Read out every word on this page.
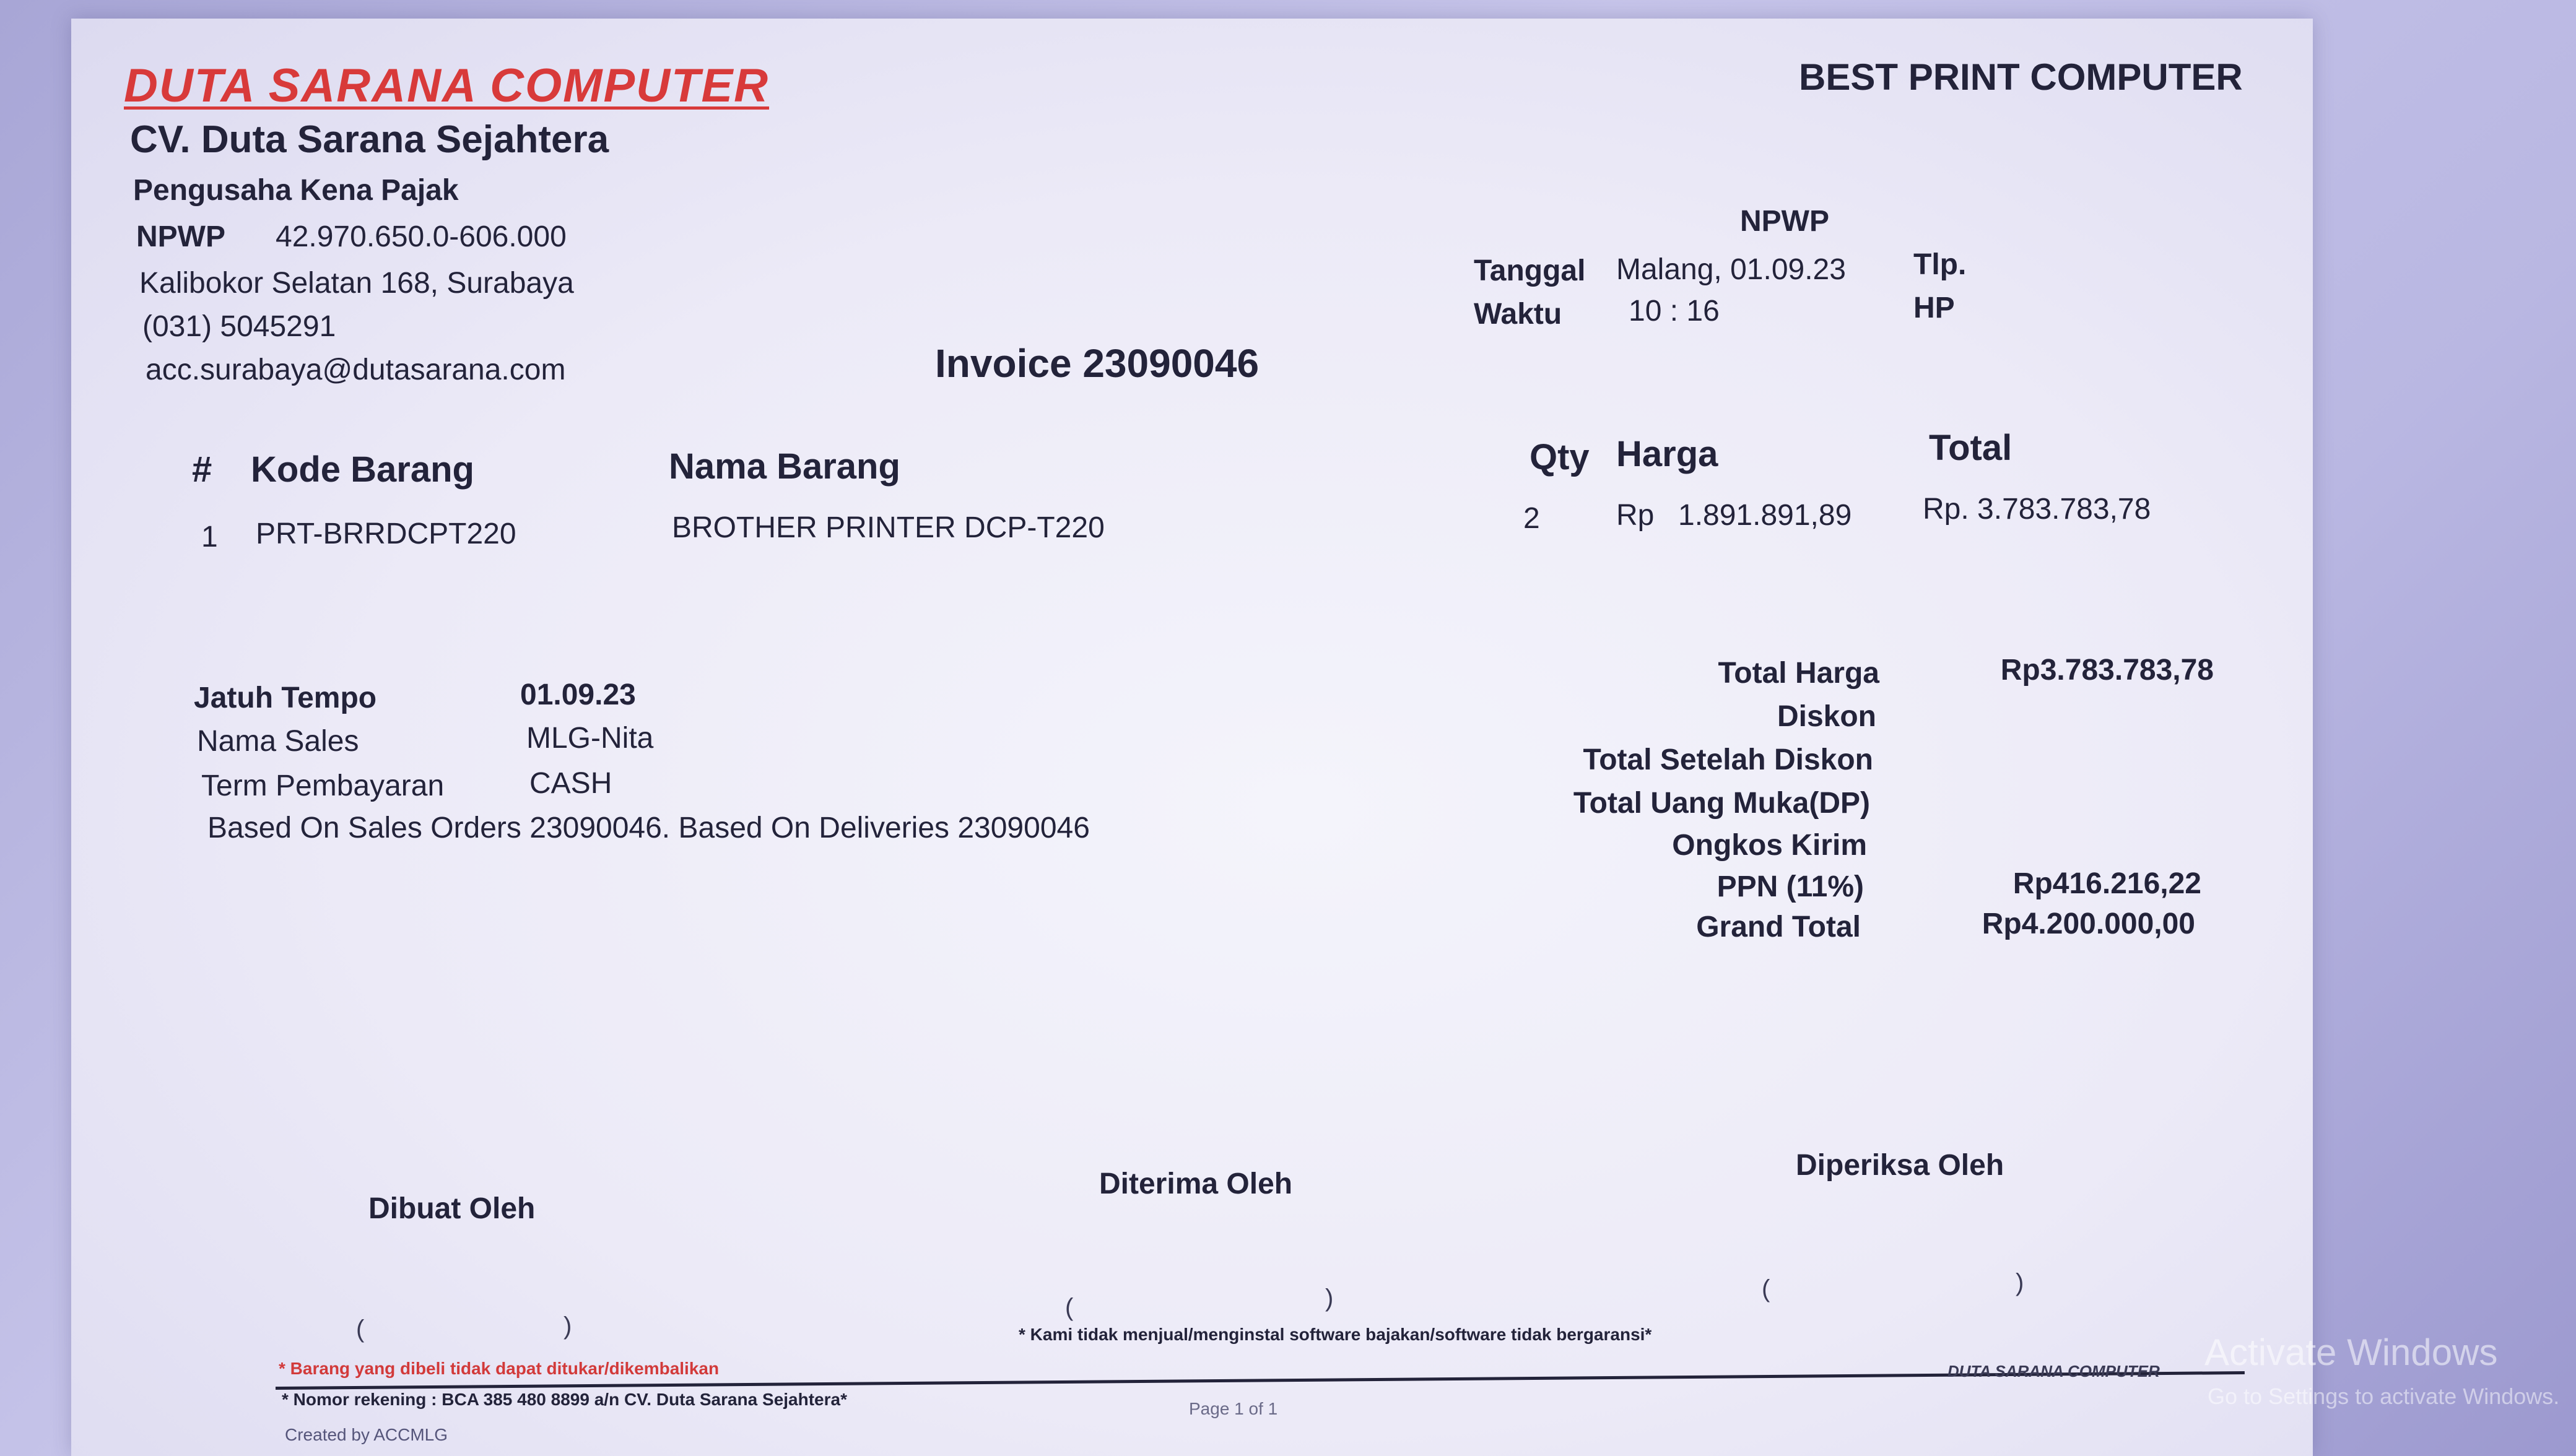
DUTA SARANA COMPUTER
CV. Duta Sarana Sejahtera
Pengusaha Kena Pajak
NPWP 42.970.650.0-606.000
Kalibokor Selatan 168, Surabaya
(031) 5045291
acc.surabaya@dutasarana.com
BEST PRINT COMPUTER
NPWP
Tanggal Malang, 01.09.23 Tlp.
Waktu 10 : 16	HP
Invoice 23090046
# Kode Barang	Nama Barang	Qty Harga	Total
1 PRT-BRRDCPT220	BROTHER PRINTER DCP-T220	2	Rp 1.891.891,89 Rp. 3.783.783,78
Jatuh Tempo	01.09.23
Nama Sales	MLG-Nita
Term Pembayaran	CASH
Based On Sales Orders 23090046. Based On Deliveries 23090046
Total Harga	Rp3.783.783,78
Diskon
Total Setelah Diskon
Total Uang Muka(DP)
Ongkos Kirim
PPN (11%)	Rp416.216,22
Grand Total	Rp4.200.000,00
Dibuat Oleh
Diterima Oleh
Diperiksa Oleh
(	)
(	)	(	)
* Barang yang dibeli tidak dapat ditukar/dikembalikan
* Kami tidak menjual/menginstal software bajakan/software tidak bergaransi*
* Nomor rekening : BCA 385 480 8899 a/n CV. Duta Sarana Sejahtera*	Page 1 of 1
DUTA SARANA COMPUTER
Created by ACCMLG
Activate Windows
Go to Settings to activate Windows.
